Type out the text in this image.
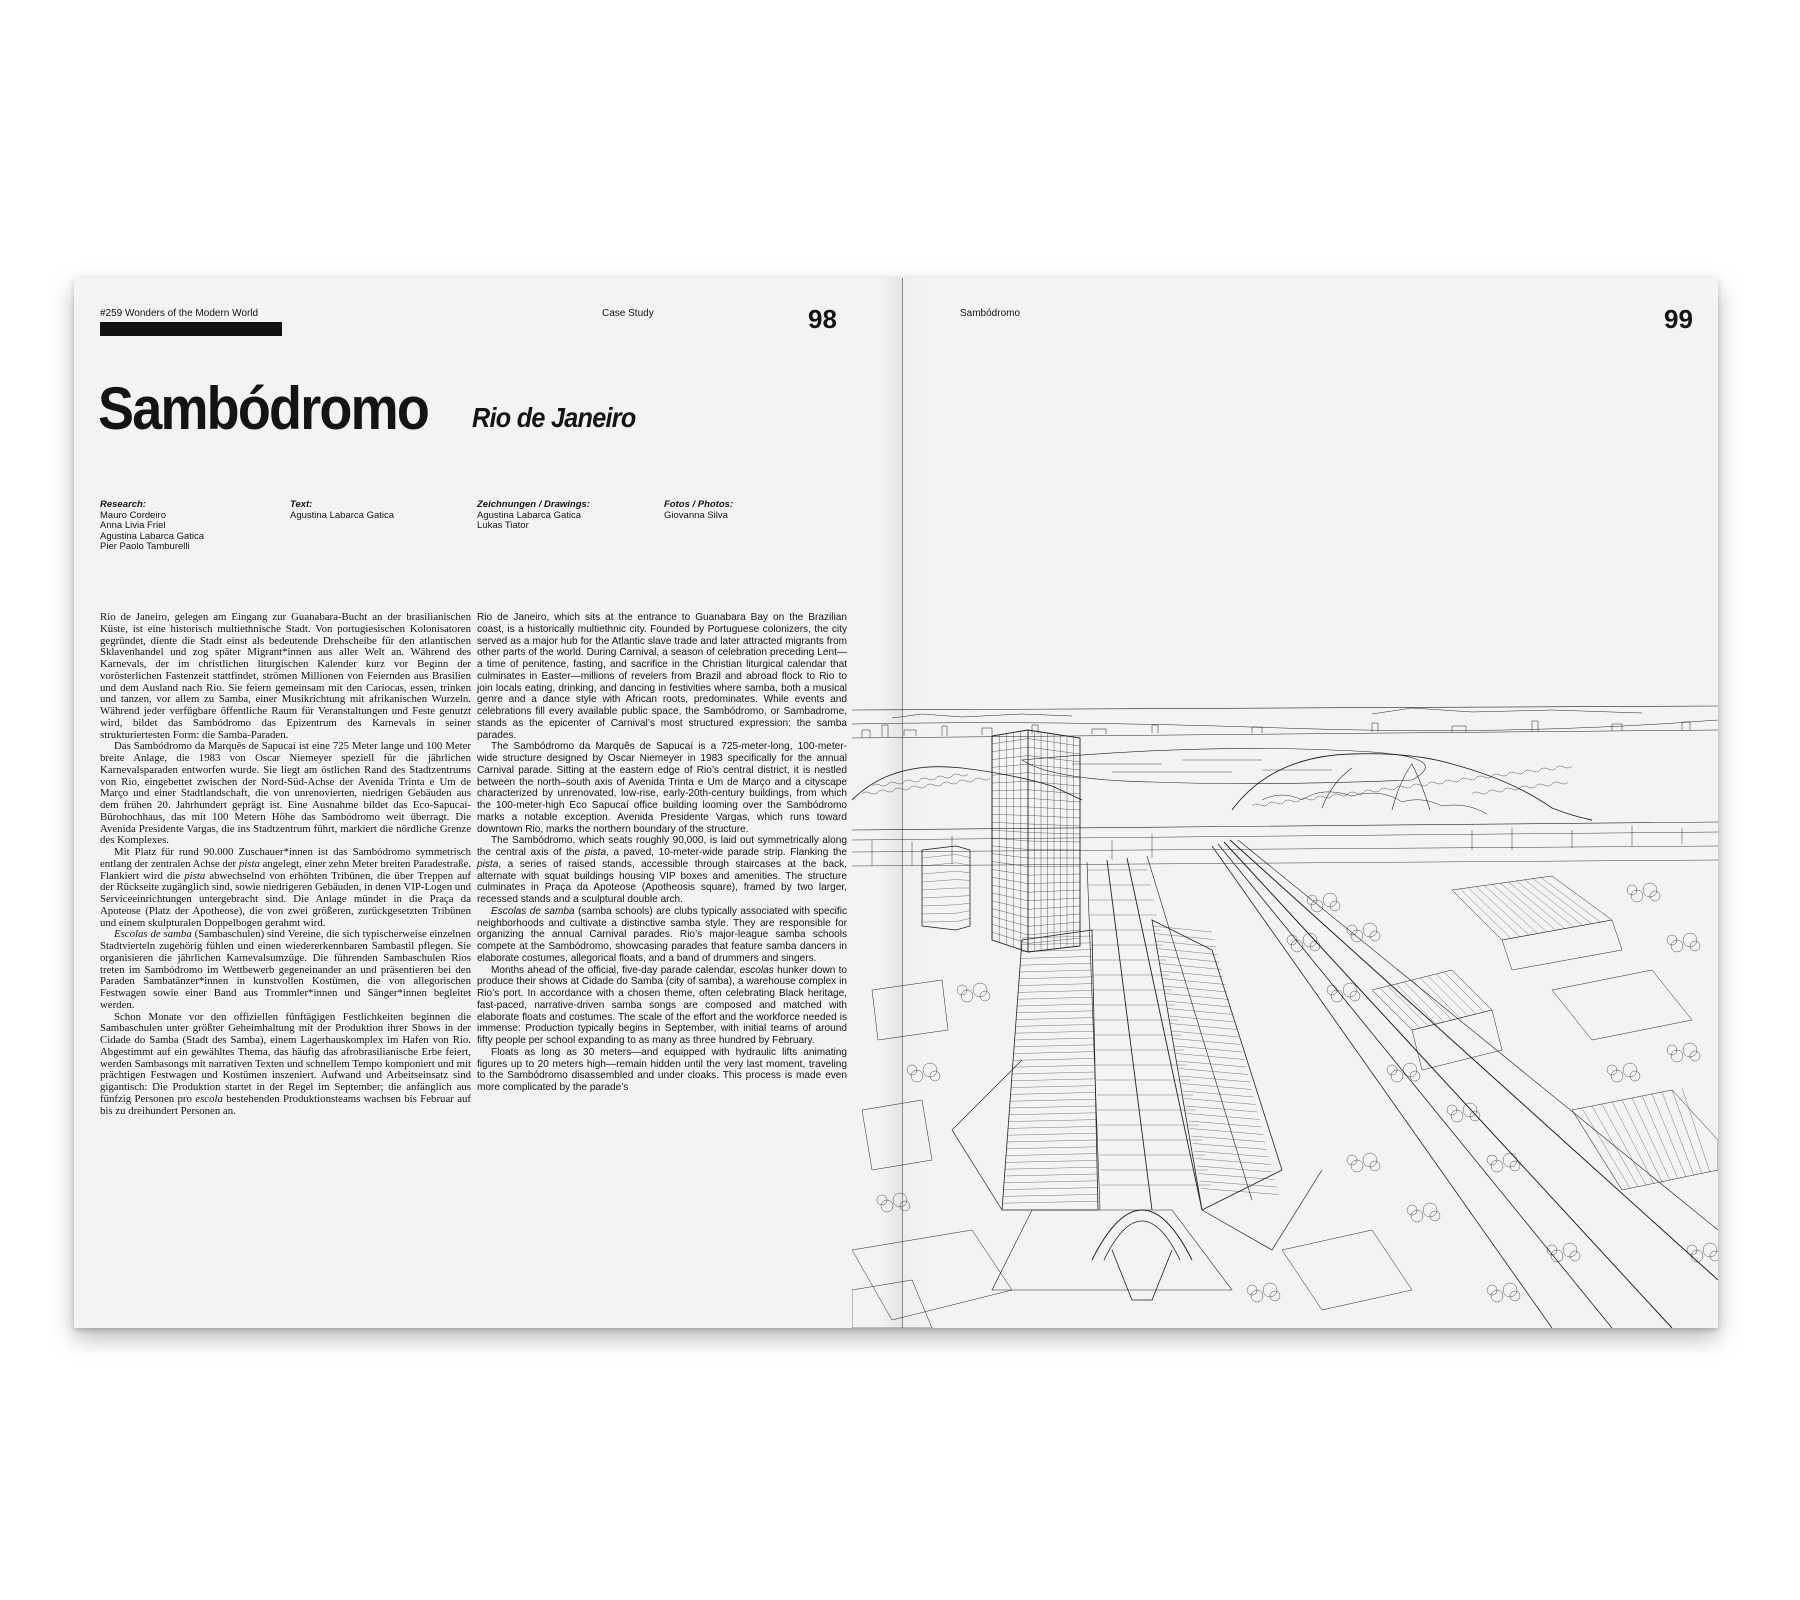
#259 Wonders of the Modern World	Case Study	98
Sambódromo Rio de Janeiro
Research:
Mauro Cordeiro
Anna Livia Friel
Agustina Labarca Gatica
Pier Paolo Tamburelli
Text:
Agustina Labarca Gatica
Zeichnungen / Drawings:
Agustina Labarca Gatica
Lukas Tiator
Fotos / Photos:
Giovanna Silva

Rio de Janeiro, gelegen am Eingang zur Guanabara-Bucht an der brasilianischen Küste, ist eine historisch multiethnische Stadt. Von portugiesischen Kolonisatoren gegründet, diente die Stadt einst als bedeutende Drehscheibe für den atlantischen Sklavenhandel und zog später Migrant*innen aus aller Welt an. Während des Karnevals, der im christlichen liturgischen Kalender kurz vor Beginn der vorösterlichen Fastenzeit stattfindet, strömen Millionen von Feiernden aus Brasilien und dem Ausland nach Rio. Sie feiern gemeinsam mit den Cariocas, essen, trinken und tanzen, vor allem zu Samba, einer Musikrichtung mit afrikanischen Wurzeln. Während jeder verfügbare öffentliche Raum für Veranstaltungen und Feste genutzt wird, bildet das Sambódromo das Epizentrum des Karnevals in seiner strukturiertesten Form: die Samba-Paraden.

Das Sambódromo da Marquês de Sapucaí ist eine 725 Meter lange und 100 Meter breite Anlage, die 1983 von Oscar Niemeyer speziell für die jährlichen Karnevalsparaden entworfen wurde. Sie liegt am östlichen Rand des Stadtzentrums von Rio, eingebettet zwischen der Nord-Süd-Achse der Avenida Trinta e Um de Março und einer Stadtlandschaft, die von unrenovierten, niedrigen Gebäuden aus dem frühen 20. Jahrhundert geprägt ist. Eine Ausnahme bildet das Eco-Sapucaí-Bürohochhaus, das mit 100 Metern Höhe das Sambódromo weit überragt. Die Avenida Presidente Vargas, die ins Stadtzentrum führt, markiert die nördliche Grenze des Komplexes.

Mit Platz für rund 90.000 Zuschauer*innen ist das Sambódromo symmetrisch entlang der zentralen Achse der pista angelegt, einer zehn Meter breiten Paradestraße. Flankiert wird die pista abwechselnd von erhöhten Tribünen, die über Treppen auf der Rückseite zugänglich sind, sowie niedrigeren Gebäuden, in denen VIP-Logen und Serviceeinrichtungen untergebracht sind. Die Anlage mündet in die Praça da Apoteose (Platz der Apotheose), die von zwei größeren, zurückgesetzten Tribünen und einem skulpturalen Doppelbogen gerahmt wird.

Escolas de samba (Sambaschulen) sind Vereine, die sich typischerweise einzelnen Stadtvierteln zugehörig fühlen und einen wiedererkennbaren Sambastil pflegen. Sie organisieren die jährlichen Karnevalsumzüge. Die führenden Sambaschulen Rios treten im Sambódromo im Wettbewerb gegeneinander an und präsentieren bei den Paraden Sambatänzer*innen in kunstvollen Kostümen, die von allegorischen Festwagen sowie einer Band aus Trommler*innen und Sänger*innen begleitet werden.

Schon Monate vor den offiziellen fünftägigen Festlichkeiten beginnen die Sambaschulen unter größter Geheimhaltung mit der Produktion ihrer Shows in der Cidade do Samba (Stadt des Samba), einem Lagerhauskomplex im Hafen von Rio. Abgestimmt auf ein gewähltes Thema, das häufig das afrobrasilianische Erbe feiert, werden Sambasongs mit narrativen Texten und schnellem Tempo komponiert und mit prächtigen Festwagen und Kostümen inszeniert. Aufwand und Arbeitseinsatz sind gigantisch: Die Produktion startet in der Regel im September; die anfänglich aus fünfzig Personen pro escola bestehenden Produktionsteams wachsen bis Februar auf bis zu dreihundert Personen an.

Rio de Janeiro, which sits at the entrance to Guanabara Bay on the Brazilian coast, is a historically multiethnic city. Founded by Portuguese colonizers, the city served as a major hub for the Atlantic slave trade and later attracted migrants from other parts of the world. During Carnival, a season of celebration preceding Lent—a time of penitence, fasting, and sacrifice in the Christian liturgical calendar that culminates in Easter—millions of revelers from Brazil and abroad flock to Rio to join locals eating, drinking, and dancing in festivities where samba, both a musical genre and a dance style with African roots, predominates. While events and celebrations fill every available public space, the Sambódromo, or Sambadrome, stands as the epicenter of Carnival’s most structured expression: the samba parades.

The Sambódromo da Marquês de Sapucaí is a 725-meter-long, 100-meter-wide structure designed by Oscar Niemeyer in 1983 specifically for the annual Carnival parade. Sitting at the eastern edge of Rio’s central district, it is nestled between the north–south axis of Avenida Trinta e Um de Março and a cityscape characterized by unrenovated, low-rise, early-20th-century buildings, from which the 100-meter-high Eco Sapucaí office building looming over the Sambódromo marks a notable exception. Avenida Presidente Vargas, which runs toward downtown Rio, marks the northern boundary of the structure.

The Sambódromo, which seats roughly 90,000, is laid out symmetrically along the central axis of the pista, a paved, 10-meter-wide parade strip. Flanking the pista, a series of raised stands, accessible through staircases at the back, alternate with squat buildings housing VIP boxes and amenities. The structure culminates in Praça da Apoteose (Apotheosis square), framed by two larger, recessed stands and a sculptural double arch.

Escolas de samba (samba schools) are clubs typically associated with specific neighborhoods and cultivate a distinctive samba style. They are responsible for organizing the annual Carnival parades. Rio’s major-league samba schools compete at the Sambódromo, showcasing parades that feature samba dancers in elaborate costumes, allegorical floats, and a band of drummers and singers.

Months ahead of the official, five-day parade calendar, escolas hunker down to produce their shows at Cidade do Samba (city of samba), a warehouse complex in Rio’s port. In accordance with a chosen theme, often celebrating Black heritage, fast-paced, narrative-driven samba songs are composed and matched with elaborate floats and costumes. The scale of the effort and the workforce needed is immense: Production typically begins in September, with initial teams of around fifty people per school expanding to as many as three hundred by February.

Floats as long as 30 meters—and equipped with hydraulic lifts animating figures up to 20 meters high—remain hidden until the very last moment, traveling to the Sambódromo disassembled and under cloaks. This process is made even more complicated by the parade’s

Sambódromo	99
